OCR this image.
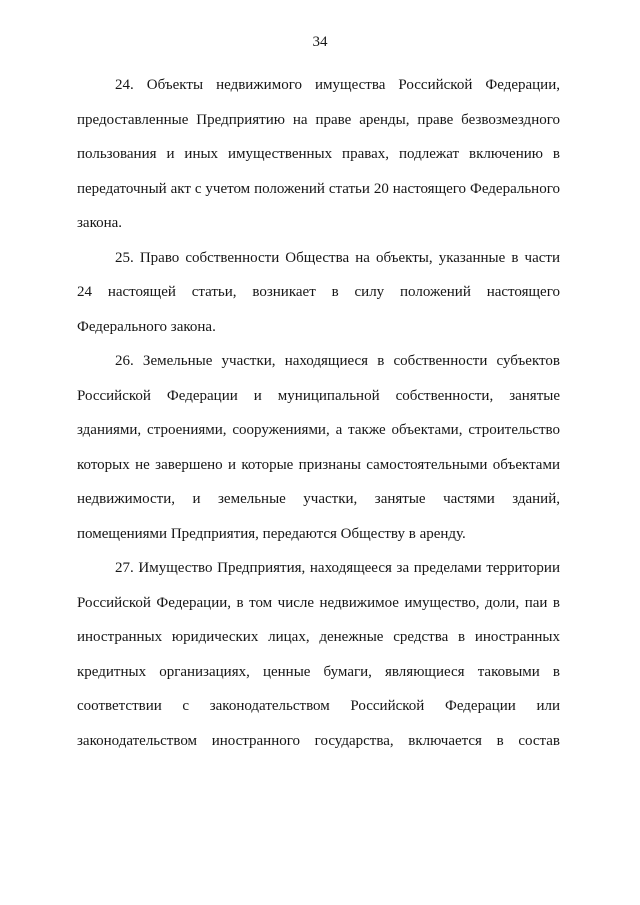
34

24. Объекты недвижимого имущества Российской Федерации, предоставленные Предприятию на праве аренды, праве безвозмездного пользования и иных имущественных правах, подлежат включению в передаточный акт с учетом положений статьи 20 настоящего Федерального закона.

25. Право собственности Общества на объекты, указанные в части 24 настоящей статьи, возникает в силу положений настоящего Федерального закона.

26. Земельные участки, находящиеся в собственности субъектов Российской Федерации и муниципальной собственности, занятые зданиями, строениями, сооружениями, а также объектами, строительство которых не завершено и которые признаны самостоятельными объектами недвижимости, и земельные участки, занятые частями зданий, помещениями Предприятия, передаются Обществу в аренду.

27. Имущество Предприятия, находящееся за пределами территории Российской Федерации, в том числе недвижимое имущество, доли, паи в иностранных юридических лицах, денежные средства в иностранных кредитных организациях, ценные бумаги, являющиеся таковыми в соответствии с законодательством Российской Федерации или законодательством иностранного государства, включается в состав
